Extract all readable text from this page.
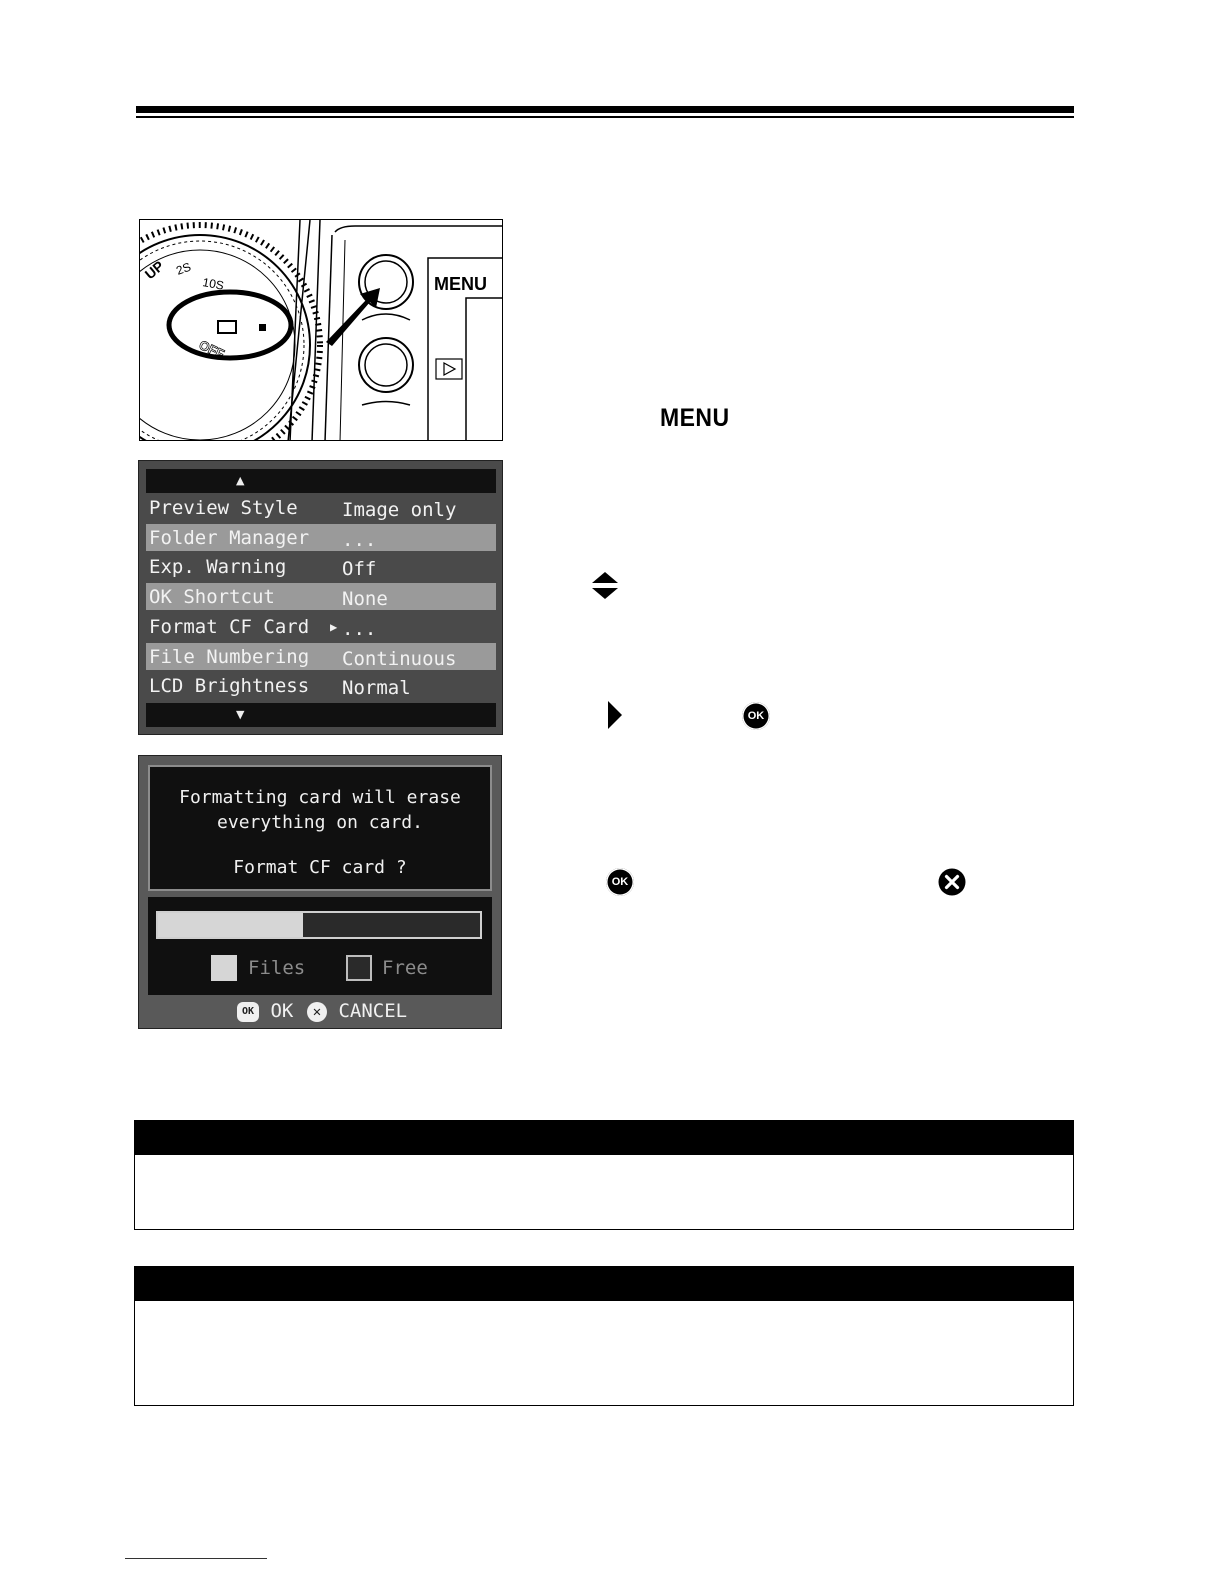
UP 2S
10S
OFF
MENU
▲
Preview Style Image only
Folder Manager ...
Exp. Warning	Off
OK Shortcut	None
Format CF Card ▶ ...
File Numbering Continuous
LCD Brightness Normal
▼
Formatting card will erase
everything on card.
Format CF card ?
Files	Free
OK OK	✕ CANCEL
MENU
OK
OK
